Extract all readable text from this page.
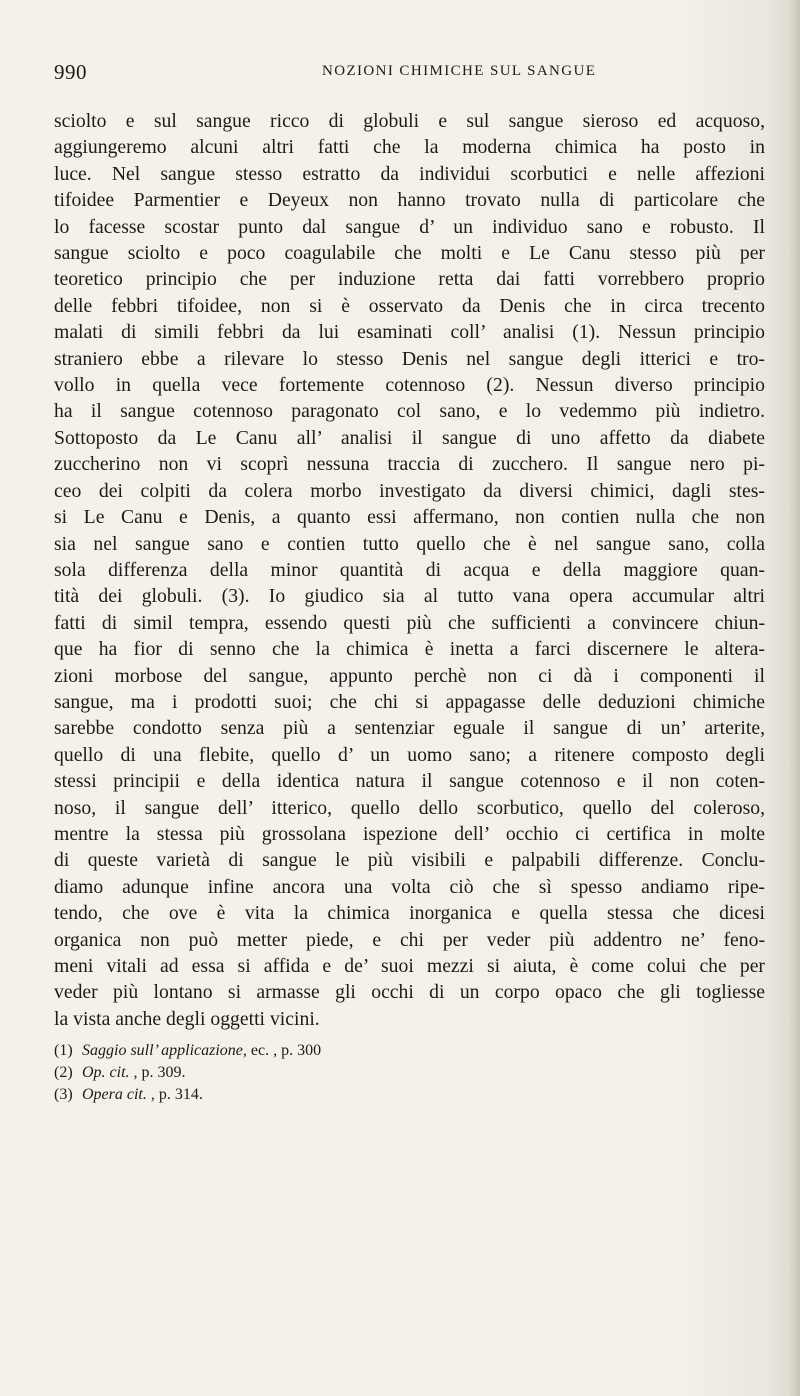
990	NOZIONI CHIMICHE SUL SANGUE
sciolto e sul sangue ricco di globuli e sul sangue sieroso ed acquoso,
aggiungeremo alcuni altri fatti che la moderna chimica ha posto in
luce. Nel sangue stesso estratto da individui scorbutici e nelle affezioni
tifoidee Parmentier e Deyeux non hanno trovato nulla di particolare che
lo facesse scostar punto dal sangue d’ un individuo sano e robusto. Il
sangue sciolto e poco coagulabile che molti e Le Canu stesso più per
teoretico principio che per induzione retta dai fatti vorrebbero proprio
delle febbri tifoidee, non si è osservato da Denis che in circa trecento
malati di simili febbri da lui esaminati coll’ analisi (1). Nessun principio
straniero ebbe a rilevare lo stesso Denis nel sangue degli itterici e tro-
vollo in quella vece fortemente cotennoso (2). Nessun diverso principio
ha il sangue cotennoso paragonato col sano, e lo vedemmo più indietro.
Sottoposto da Le Canu all’ analisi il sangue di uno affetto da diabete
zuccherino non vi scoprì nessuna traccia di zucchero. Il sangue nero pi-
ceo dei colpiti da colera morbo investigato da diversi chimici, dagli stes-
si Le Canu e Denis, a quanto essi affermano, non contien nulla che non
sia nel sangue sano e contien tutto quello che è nel sangue sano, colla
sola differenza della minor quantità di acqua e della maggiore quan-
tità dei globuli. (3). Io giudico sia al tutto vana opera accumular altri
fatti di simil tempra, essendo questi più che sufficienti a convincere chiun-
que ha fior di senno che la chimica è inetta a farci discernere le altera-
zioni morbose del sangue, appunto perchè non ci dà i componenti il
sangue, ma i prodotti suoi; che chi si appagasse delle deduzioni chimiche
sarebbe condotto senza più a sentenziar eguale il sangue di un’ arterite,
quello di una flebite, quello d’ un uomo sano; a ritenere composto degli
stessi principii e della identica natura il sangue cotennoso e il non coten-
noso, il sangue dell’ itterico, quello dello scorbutico, quello del coleroso,
mentre la stessa più grossolana ispezione dell’ occhio ci certifica in molte
di queste varietà di sangue le più visibili e palpabili differenze. Conclu-
diamo adunque infine ancora una volta ciò che sì spesso andiamo ripe-
tendo, che ove è vita la chimica inorganica e quella stessa che dicesi
organica non può metter piede, e chi per veder più addentro ne’ feno-
meni vitali ad essa si affida e de’ suoi mezzi si aiuta, è come colui che per
veder più lontano si armasse gli occhi di un corpo opaco che gli togliesse
la vista anche degli oggetti vicini.
(1) Saggio sull’ applicazione, ec. , p. 300
(2) Op. cit. , p. 309.
(3) Opera cit. , p. 314.
